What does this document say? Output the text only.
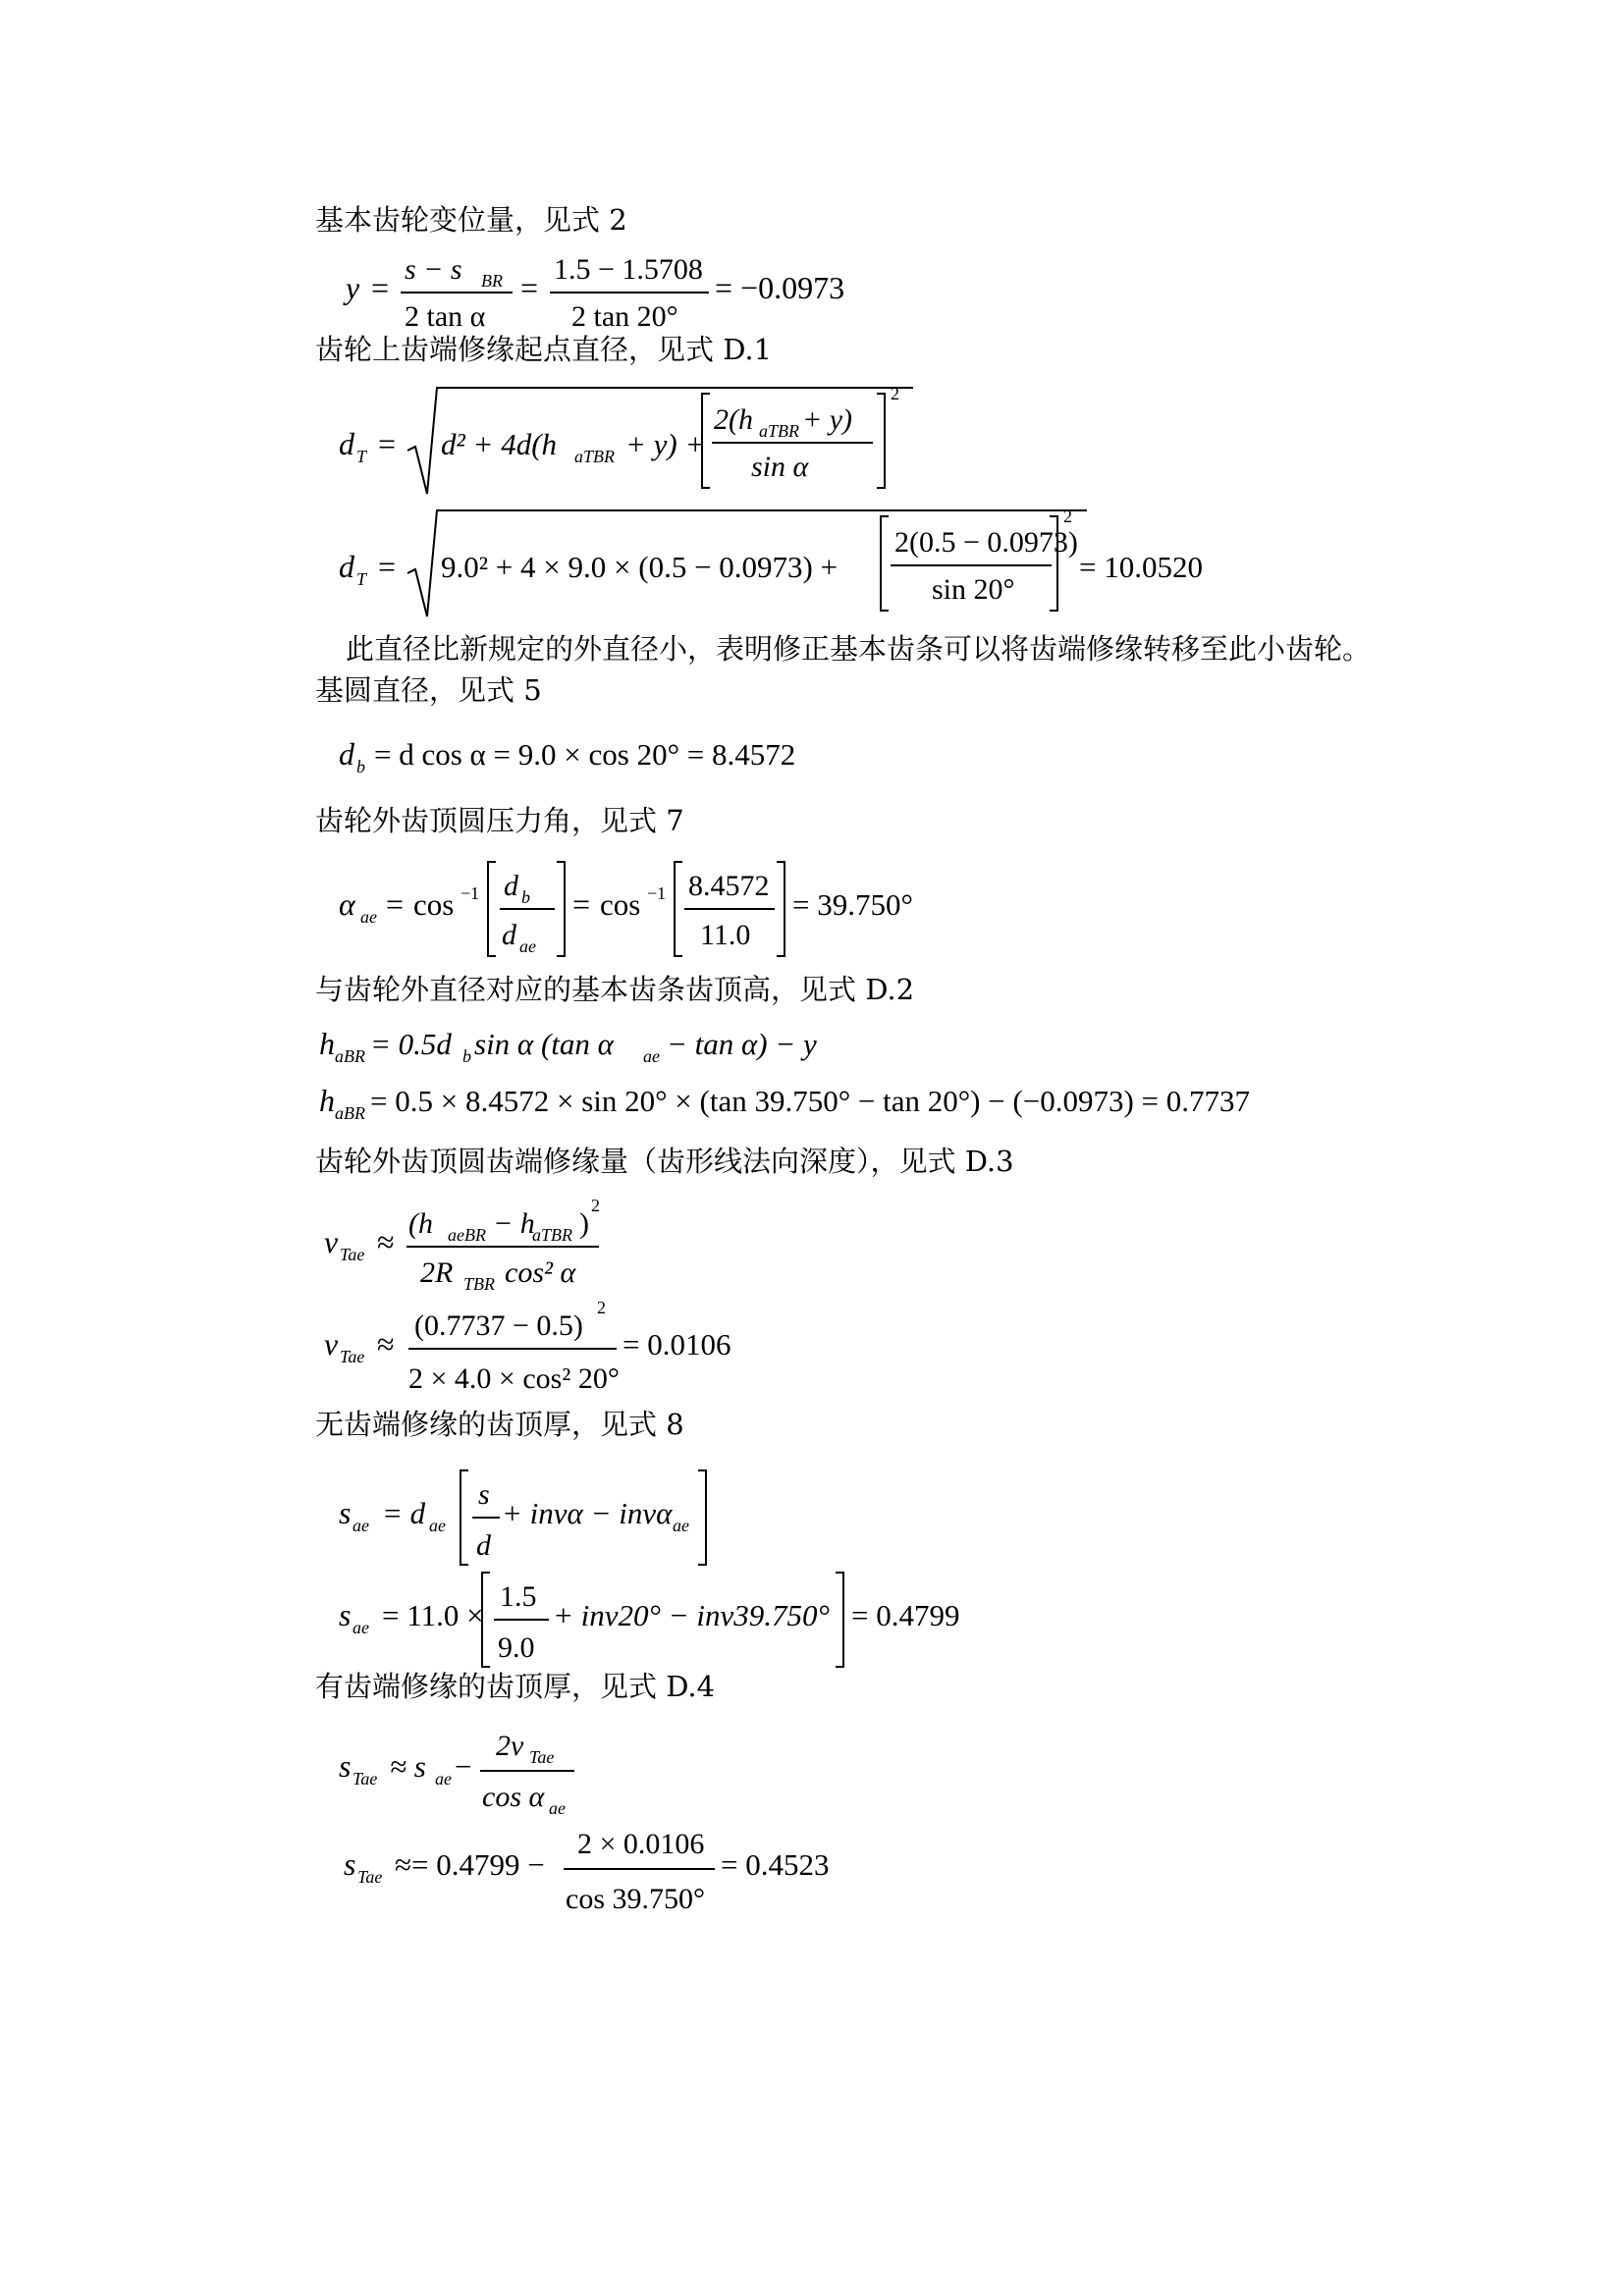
基本齿轮变位量，见式 2
y =
s − s BR
2 tan α
=
1.5 − 1.5708
2 tan 20°
= −0.0973
齿轮上齿端修缘起点直径，见式 D.1
d T = d² + 4d(h aTBR + y) +
2(h aTBR + y)
sin α
2
d T = 9.0² + 4 × 9.0 × (0.5 − 0.0973) +
2(0.5 − 0.0973)
sin 20°
2
= 10.0520
此直径比新规定的外直径小，表明修正基本齿条可以将齿端修缘转移至此小齿轮。
基圆直径，见式 5
d b = d cos α = 9.0 × cos 20° = 8.4572
齿轮外齿顶圆压力角，见式 7
α ae = cos −1 d b
d ae
= cos −1 8.4572
11.0
= 39.750°
与齿轮外直径对应的基本齿条齿顶高，见式 D.2
h aBR = 0.5d b sin α (tan α ae − tan α) − y
h aBR = 0.5 × 8.4572 × sin 20° × (tan 39.750° − tan 20°) − (−0.0973) = 0.7737
齿轮外齿顶圆齿端修缘量（齿形线法向深度），见式 D.3
v Tae ≈
(h aeBR − h
aTBR )
2
2R TBR cos² α
v Tae ≈
(0.7737 − 0.5)
2
2 × 4.0 × cos² 20°
= 0.0106
无齿端修缘的齿顶厚，见式 8
s ae = d ae
s
d
+ invα − invα ae
s ae = 11.0 ×
1.5
9.0
+ inv20° − inv39.750° = 0.4799
有齿端修缘的齿顶厚，见式 D.4
s Tae ≈ s ae −
2v Tae
cos α ae
s Tae ≈= 0.4799 −
2 × 0.0106
cos 39.750°
= 0.4523
